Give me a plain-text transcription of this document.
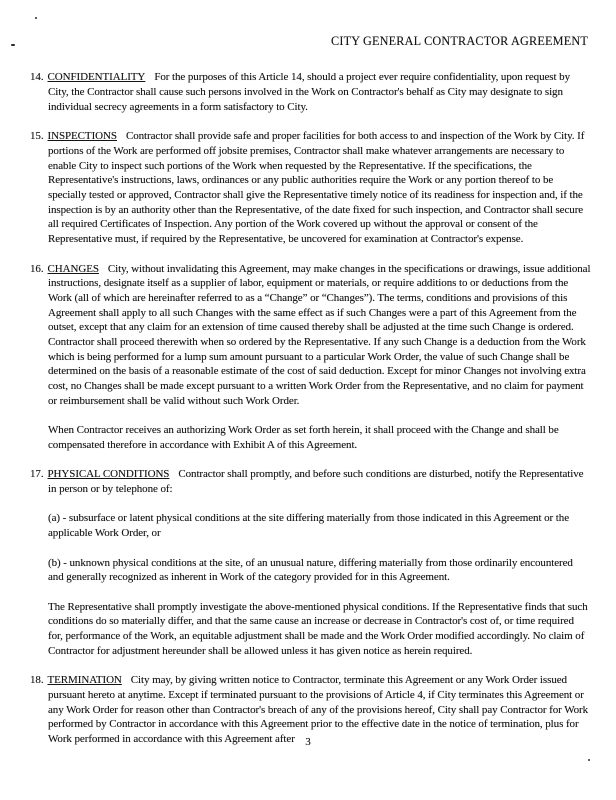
CITY GENERAL CONTRACTOR AGREEMENT
14. CONFIDENTIALITY For the purposes of this Article 14, should a project ever require confidentiality, upon request by City, the Contractor shall cause such persons involved in the Work on Contractor's behalf as City may designate to sign individual secrecy agreements in a form satisfactory to City.
15. INSPECTIONS Contractor shall provide safe and proper facilities for both access to and inspection of the Work by City. If portions of the Work are performed off jobsite premises, Contractor shall make whatever arrangements are necessary to enable City to inspect such portions of the Work when requested by the Representative. If the specifications, the Representative's instructions, laws, ordinances or any public authorities require the Work or any portion thereof to be specially tested or approved, Contractor shall give the Representative timely notice of its readiness for inspection and, if the inspection is by an authority other than the Representative, of the date fixed for such inspection, and Contractor shall secure all required Certificates of Inspection. Any portion of the Work covered up without the approval or consent of the Representative must, if required by the Representative, be uncovered for examination at Contractor's expense.
16. CHANGES City, without invalidating this Agreement, may make changes in the specifications or drawings, issue additional instructions, designate itself as a supplier of labor, equipment or materials, or require additions to or deductions from the Work (all of which are hereinafter referred to as a “Change” or “Changes”). The terms, conditions and provisions of this Agreement shall apply to all such Changes with the same effect as if such Changes were a part of this Agreement from the outset, except that any claim for an extension of time caused thereby shall be adjusted at the time such Change is ordered. Contractor shall proceed therewith when so ordered by the Representative. If any such Change is a deduction from the Work which is being performed for a lump sum amount pursuant to a particular Work Order, the value of such Change shall be determined on the basis of a reasonable estimate of the cost of said deduction. Except for minor Changes not involving extra cost, no Changes shall be made except pursuant to a written Work Order from the Representative, and no claim for payment or reimbursement shall be valid without such Work Order.
When Contractor receives an authorizing Work Order as set forth herein, it shall proceed with the Change and shall be compensated therefore in accordance with Exhibit A of this Agreement.
17. PHYSICAL CONDITIONS Contractor shall promptly, and before such conditions are disturbed, notify the Representative in person or by telephone of:
(a) - subsurface or latent physical conditions at the site differing materially from those indicated in this Agreement or the applicable Work Order, or
(b) - unknown physical conditions at the site, of an unusual nature, differing materially from those ordinarily encountered and generally recognized as inherent in Work of the category provided for in this Agreement.
The Representative shall promptly investigate the above-mentioned physical conditions. If the Representative finds that such conditions do so materially differ, and that the same cause an increase or decrease in Contractor's cost of, or time required for, performance of the Work, an equitable adjustment shall be made and the Work Order modified accordingly. No claim of Contractor for adjustment hereunder shall be allowed unless it has given notice as herein required.
18. TERMINATION City may, by giving written notice to Contractor, terminate this Agreement or any Work Order issued pursuant hereto at anytime. Except if terminated pursuant to the provisions of Article 4, if City terminates this Agreement or any Work Order for reason other than Contractor's breach of any of the provisions hereof, City shall pay Contractor for Work performed by Contractor in accordance with this Agreement prior to the effective date in the notice of termination, plus for Work performed in accordance with this Agreement after 3
